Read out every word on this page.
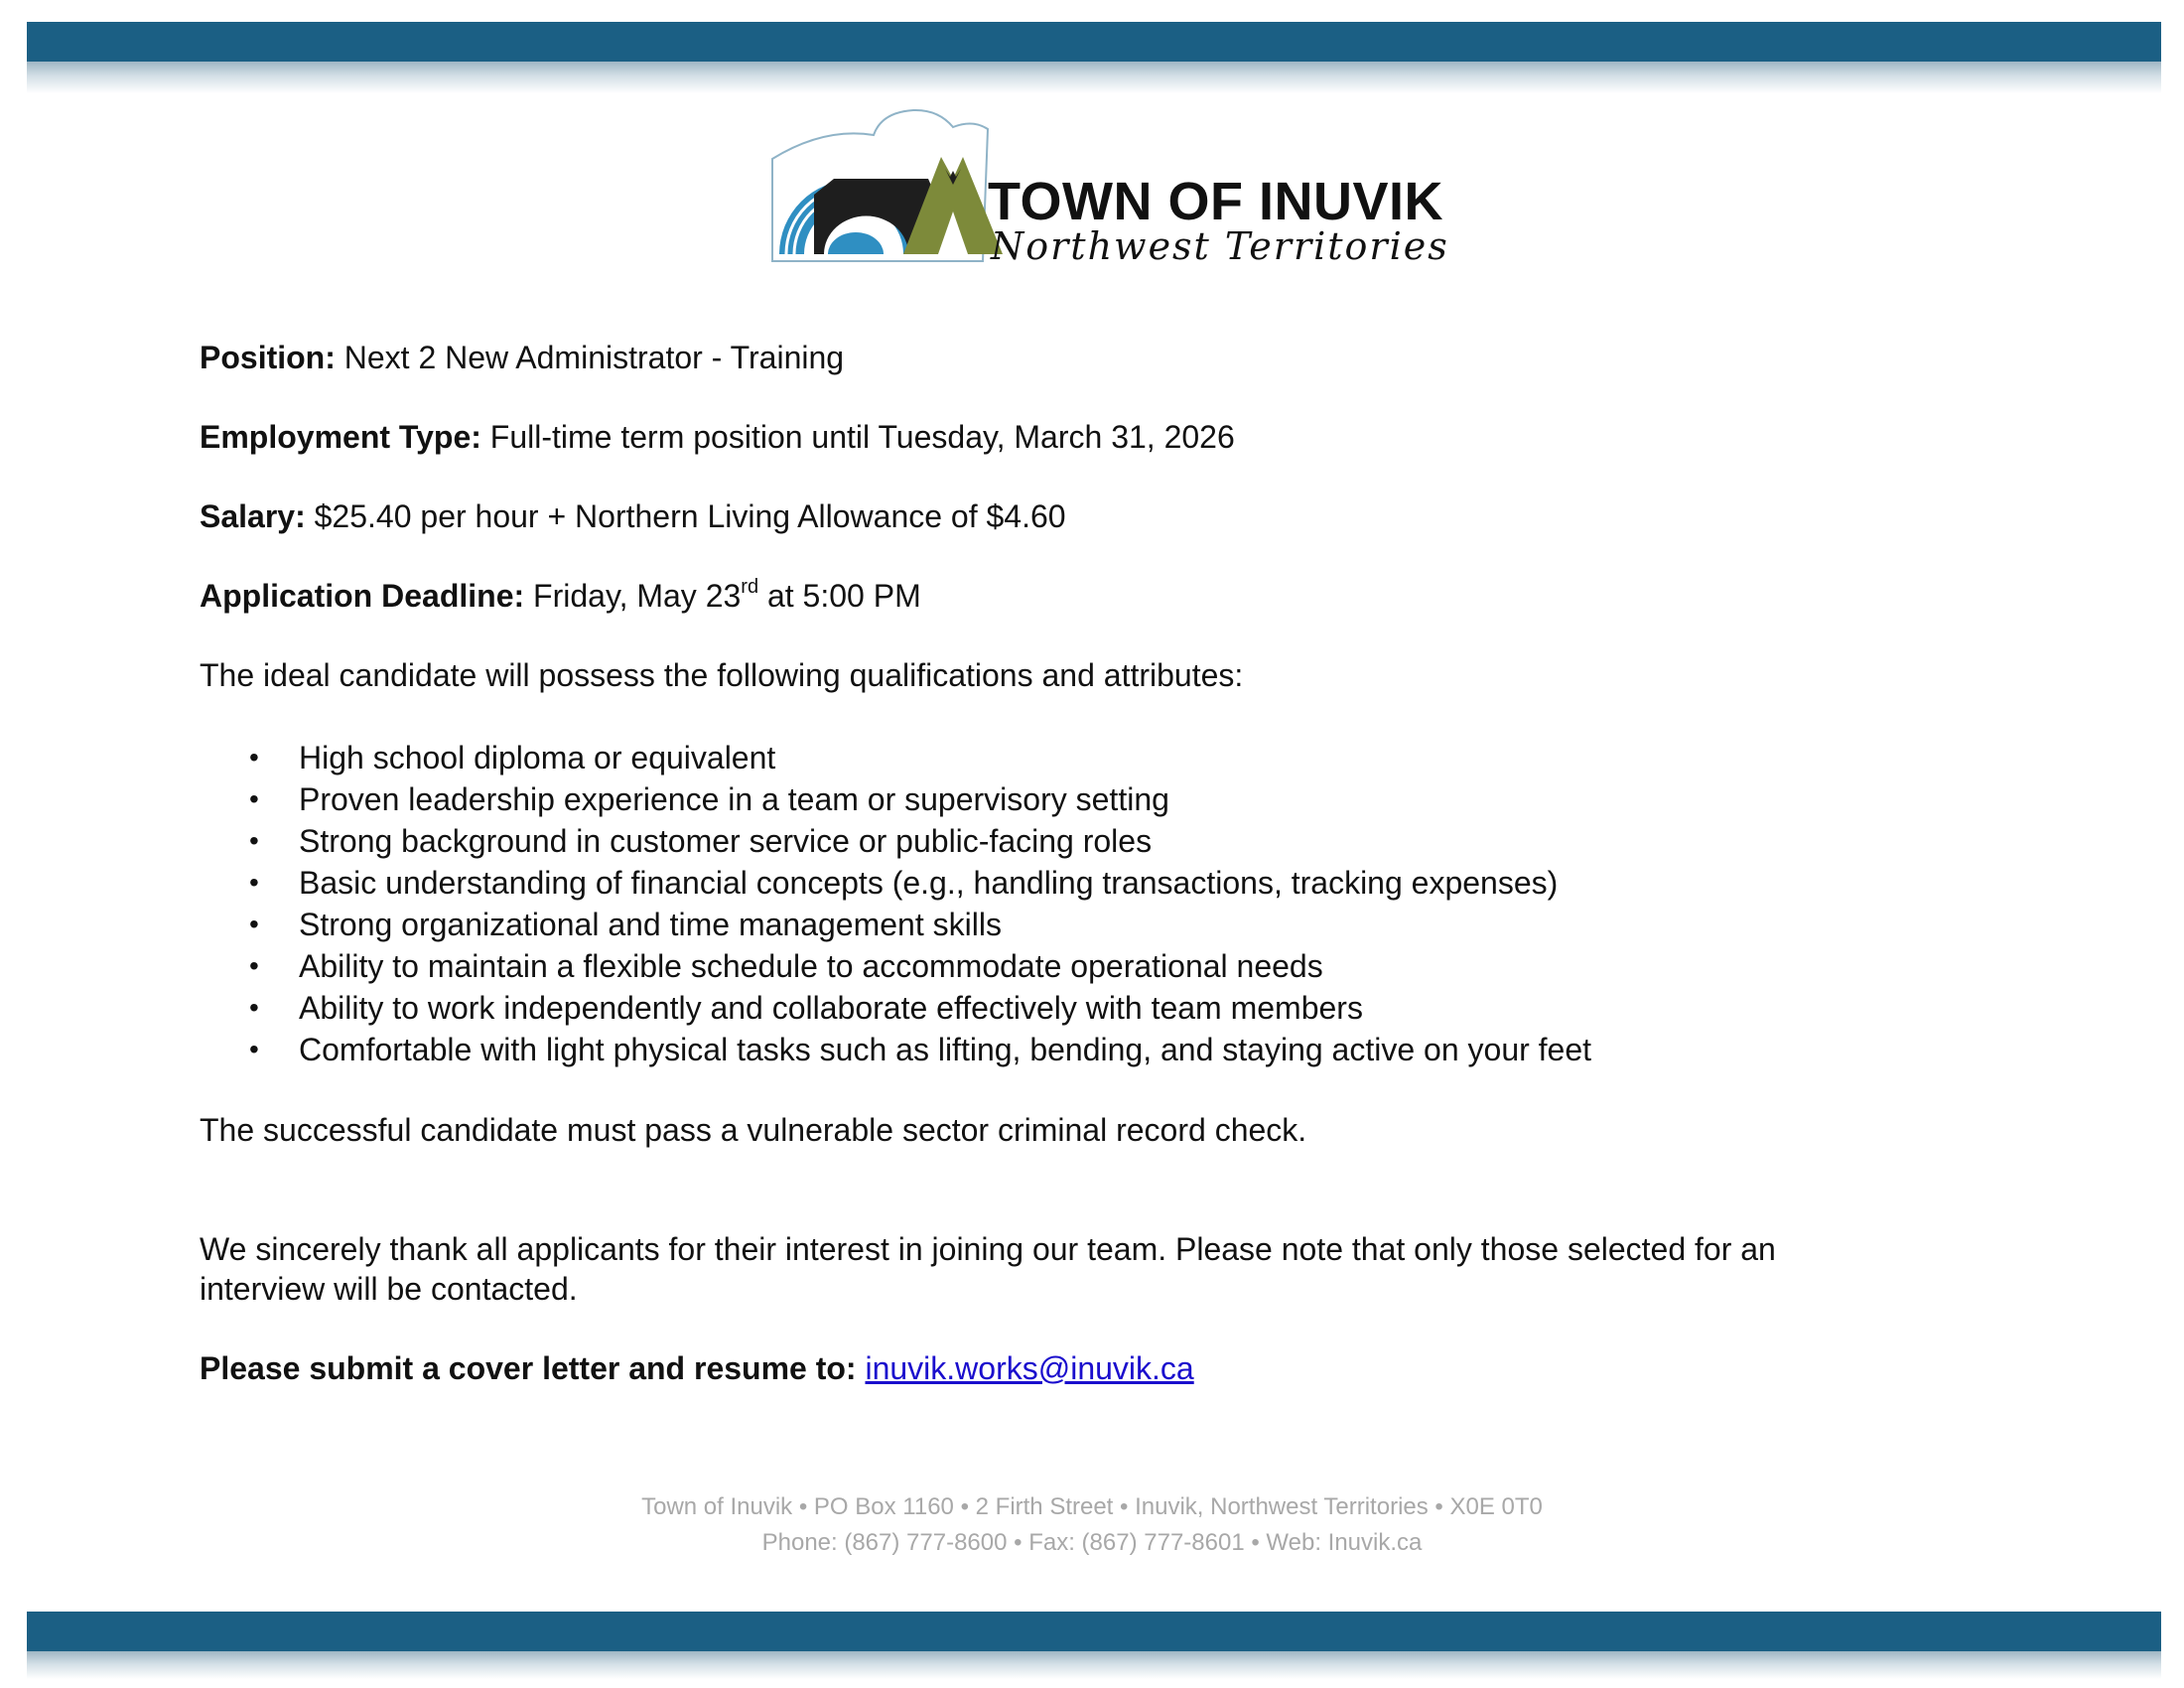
TOWN OF INUVIK
Northwest Territories

Position: Next 2 New Administrator - Training

Employment Type: Full-time term position until Tuesday, March 31, 2026

Salary: $25.40 per hour + Northern Living Allowance of $4.60

Application Deadline: Friday, May 23rd at 5:00 PM

The ideal candidate will possess the following qualifications and attributes:

• High school diploma or equivalent
• Proven leadership experience in a team or supervisory setting
• Strong background in customer service or public-facing roles
• Basic understanding of financial concepts (e.g., handling transactions, tracking expenses)
• Strong organizational and time management skills
• Ability to maintain a flexible schedule to accommodate operational needs
• Ability to work independently and collaborate effectively with team members
• Comfortable with light physical tasks such as lifting, bending, and staying active on your feet

The successful candidate must pass a vulnerable sector criminal record check.

We sincerely thank all applicants for their interest in joining our team. Please note that only those selected for an interview will be contacted.

Please submit a cover letter and resume to: inuvik.works@inuvik.ca

Town of Inuvik • PO Box 1160 • 2 Firth Street • Inuvik, Northwest Territories • X0E 0T0
Phone: (867) 777-8600 • Fax: (867) 777-8601 • Web: Inuvik.ca
